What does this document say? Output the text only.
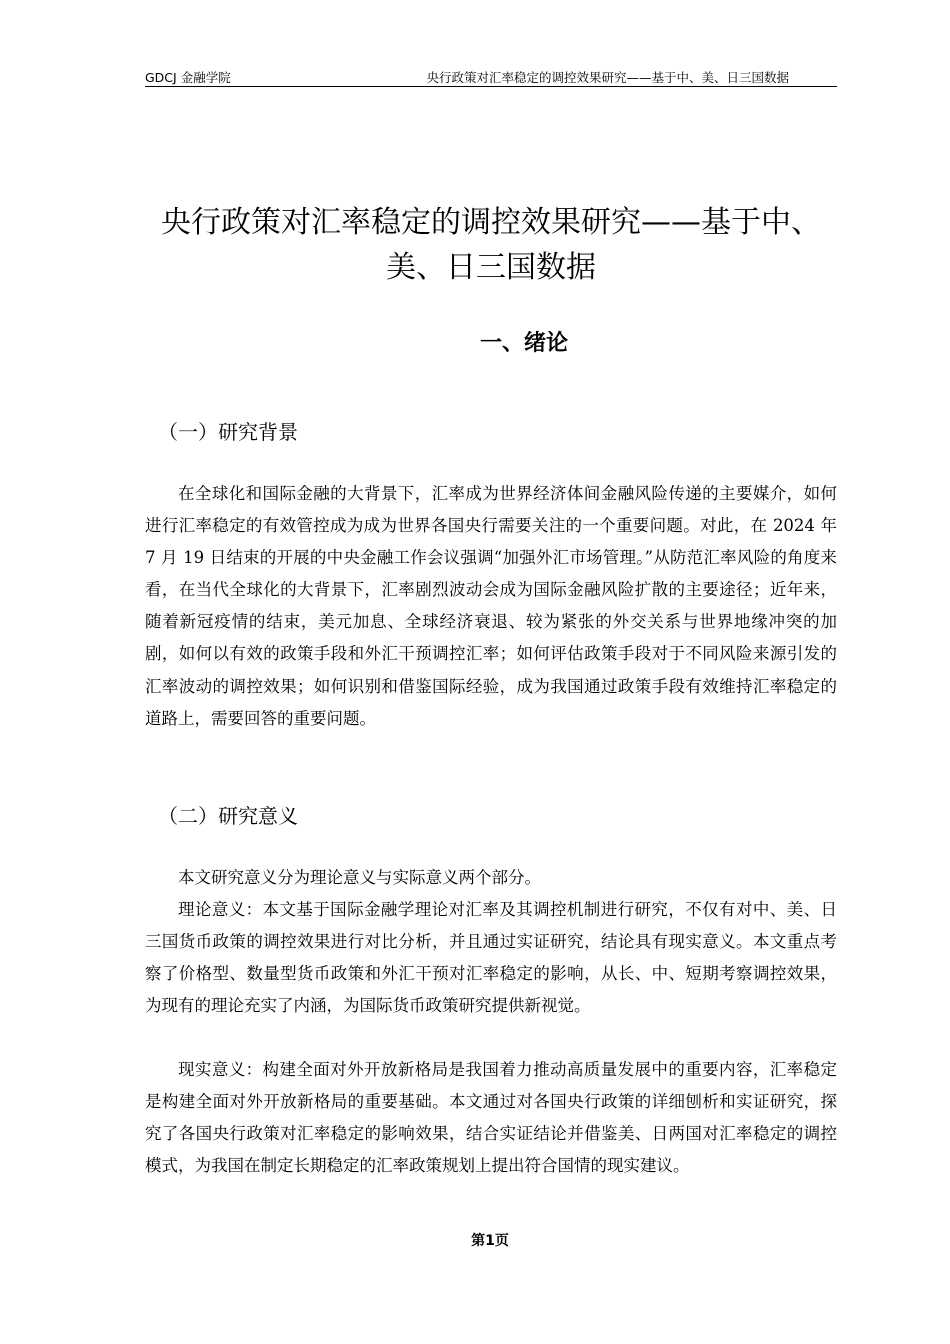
GDCJ 金融学院	央行政策对汇率稳定的调控效果研究——基于中、美、日三国数据
央行政策对汇率稳定的调控效果研究——基于中、美、日三国数据
一、绪论
（一）研究背景

在全球化和国际金融的大背景下，汇率成为世界经济体间金融风险传递的主要媒介，如何进行汇率稳定的有效管控成为成为世界各国央行需要关注的一个重要问题。对此，在 2024 年 7 月 19 日结束的开展的中央金融工作会议强调“加强外汇市场管理。”从防范汇率风险的角度来看，在当代全球化的大背景下，汇率剧烈波动会成为国际金融风险扩散的主要途径；近年来，随着新冠疫情的结束，美元加息、全球经济衰退、较为紧张的外交关系与世界地缘冲突的加剧，如何以有效的政策手段和外汇干预调控汇率；如何评估政策手段对于不同风险来源引发的汇率波动的调控效果；如何识别和借鉴国际经验，成为我国通过政策手段有效维持汇率稳定的道路上，需要回答的重要问题。

（二）研究意义

本文研究意义分为理论意义与实际意义两个部分。

理论意义：本文基于国际金融学理论对汇率及其调控机制进行研究，不仅有对中、美、日三国货币政策的调控效果进行对比分析，并且通过实证研究，结论具有现实意义。本文重点考察了价格型、数量型货币政策和外汇干预对汇率稳定的影响，从长、中、短期考察调控效果，为现有的理论充实了内涵，为国际货币政策研究提供新视觉。

现实意义：构建全面对外开放新格局是我国着力推动高质量发展中的重要内容，汇率稳定是构建全面对外开放新格局的重要基础。本文通过对各国央行政策的详细刨析和实证研究，探究了各国央行政策对汇率稳定的影响效果，结合实证结论并借鉴美、日两国对汇率稳定的调控模式，为我国在制定长期稳定的汇率政策规划上提出符合国情的现实建议。

第1页
